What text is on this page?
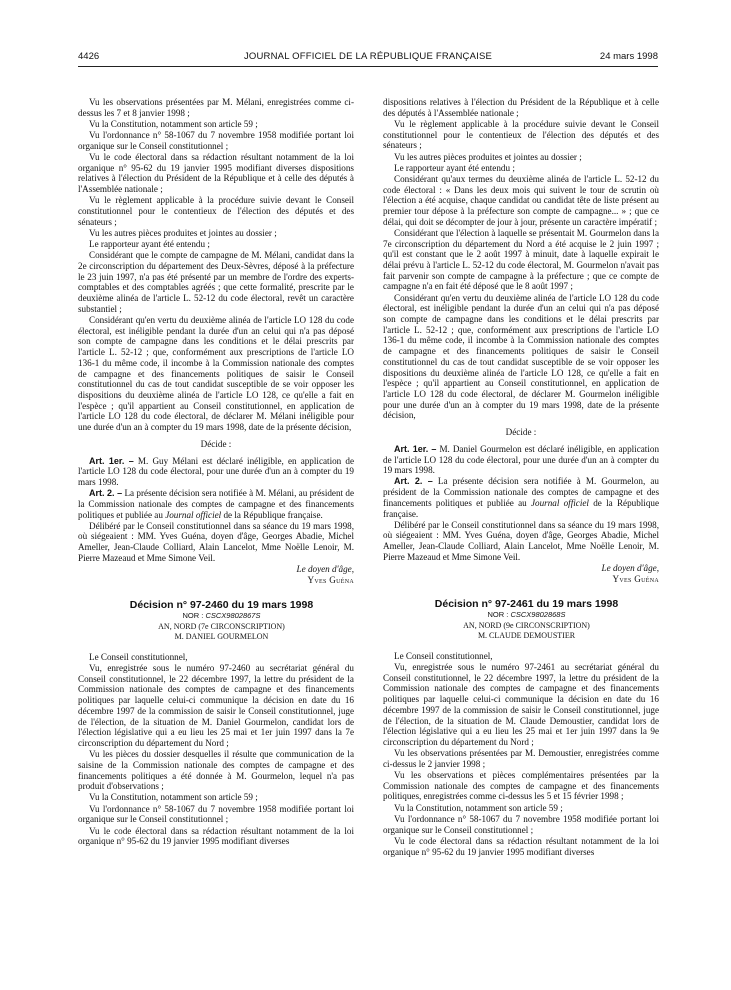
4426	JOURNAL OFFICIEL DE LA RÉPUBLIQUE FRANÇAISE	24 mars 1998

Vu les observations présentées par M. Mélani, enregistrées comme ci-dessus les 7 et 8 janvier 1998 ;

Vu la Constitution, notamment son article 59 ;

Vu l'ordonnance n° 58-1067 du 7 novembre 1958 modifiée portant loi organique sur le Conseil constitutionnel ;

Vu le code électoral dans sa rédaction résultant notamment de la loi organique n° 95-62 du 19 janvier 1995 modifiant diverses dispositions relatives à l'élection du Président de la République et à celle des députés à l'Assemblée nationale ;

Vu le règlement applicable à la procédure suivie devant le Conseil constitutionnel pour le contentieux de l'élection des députés et des sénateurs ;

Vu les autres pièces produites et jointes au dossier ;

Le rapporteur ayant été entendu ;

Considérant que le compte de campagne de M. Mélani, candidat dans la 2e circonscription du département des Deux-Sèvres, déposé à la préfecture le 23 juin 1997, n'a pas été présenté par un membre de l'ordre des experts-comptables et des comptables agréés ; que cette formalité, prescrite par le deuxième alinéa de l'article L. 52-12 du code électoral, revêt un caractère substantiel ;

Considérant qu'en vertu du deuxième alinéa de l'article LO 128 du code électoral, est inéligible pendant la durée d'un an celui qui n'a pas déposé son compte de campagne dans les conditions et le délai prescrits par l'article L. 52-12 ; que, conformément aux prescriptions de l'article LO 136-1 du même code, il incombe à la Commission nationale des comptes de campagne et des financements politiques de saisir le Conseil constitutionnel du cas de tout candidat susceptible de se voir opposer les dispositions du deuxième alinéa de l'article LO 128, ce qu'elle a fait en l'espèce ; qu'il appartient au Conseil constitutionnel, en application de l'article LO 128 du code électoral, de déclarer M. Mélani inéligible pour une durée d'un an à compter du 19 mars 1998, date de la présente décision,

Décide :

Art. 1er. – M. Guy Mélani est déclaré inéligible, en application de l'article LO 128 du code électoral, pour une durée d'un an à compter du 19 mars 1998.

Art. 2. – La présente décision sera notifiée à M. Mélani, au président de la Commission nationale des comptes de campagne et des financements politiques et publiée au Journal officiel de la République française.

Délibéré par le Conseil constitutionnel dans sa séance du 19 mars 1998, où siégeaient : MM. Yves Guéna, doyen d'âge, Georges Abadie, Michel Ameller, Jean-Claude Colliard, Alain Lancelot, Mme Noëlle Lenoir, M. Pierre Mazeaud et Mme Simone Veil.

Le doyen d'âge,

Yves Guéna

Décision n° 97-2460 du 19 mars 1998

NOR : CSCX9802867S

AN, NORD (7e CIRCONSCRIPTION)

M. DANIEL GOURMELON

Le Conseil constitutionnel,

Vu, enregistrée sous le numéro 97-2460 au secrétariat général du Conseil constitutionnel, le 22 décembre 1997, la lettre du président de la Commission nationale des comptes de campagne et des financements politiques par laquelle celui-ci communique la décision en date du 16 décembre 1997 de la commission de saisir le Conseil constitutionnel, juge de l'élection, de la situation de M. Daniel Gourmelon, candidat lors de l'élection législative qui a eu lieu les 25 mai et 1er juin 1997 dans la 7e circonscription du département du Nord ;

Vu les pièces du dossier desquelles il résulte que communication de la saisine de la Commission nationale des comptes de campagne et des financements politiques a été donnée à M. Gourmelon, lequel n'a pas produit d'observations ;

Vu la Constitution, notamment son article 59 ;

Vu l'ordonnance n° 58-1067 du 7 novembre 1958 modifiée portant loi organique sur le Conseil constitutionnel ;

Vu le code électoral dans sa rédaction résultant notamment de la loi organique n° 95-62 du 19 janvier 1995 modifiant diverses

dispositions relatives à l'élection du Président de la République et à celle des députés à l'Assemblée nationale ;

Vu le règlement applicable à la procédure suivie devant le Conseil constitutionnel pour le contentieux de l'élection des députés et des sénateurs ;

Vu les autres pièces produites et jointes au dossier ;

Le rapporteur ayant été entendu ;

Considérant qu'aux termes du deuxième alinéa de l'article L. 52-12 du code électoral : « Dans les deux mois qui suivent le tour de scrutin où l'élection a été acquise, chaque candidat ou candidat tête de liste présent au premier tour dépose à la préfecture son compte de campagne... » ; que ce délai, qui doit se décompter de jour à jour, présente un caractère impératif ;

Considérant que l'élection à laquelle se présentait M. Gourmelon dans la 7e circonscription du département du Nord a été acquise le 2 juin 1997 ; qu'il est constant que le 2 août 1997 à minuit, date à laquelle expirait le délai prévu à l'article L. 52-12 du code électoral, M. Gourmelon n'avait pas fait parvenir son compte de campagne à la préfecture ; que ce compte de campagne n'a en fait été déposé que le 8 août 1997 ;

Considérant qu'en vertu du deuxième alinéa de l'article LO 128 du code électoral, est inéligible pendant la durée d'un an celui qui n'a pas déposé son compte de campagne dans les conditions et le délai prescrits par l'article L. 52-12 ; que, conformément aux prescriptions de l'article LO 136-1 du même code, il incombe à la Commission nationale des comptes de campagne et des financements politiques de saisir le Conseil constitutionnel du cas de tout candidat susceptible de se voir opposer les dispositions du deuxième alinéa de l'article LO 128, ce qu'elle a fait en l'espèce ; qu'il appartient au Conseil constitutionnel, en application de l'article LO 128 du code électoral, de déclarer M. Gourmelon inéligible pour une durée d'un an à compter du 19 mars 1998, date de la présente décision,

Décide :

Art. 1er. – M. Daniel Gourmelon est déclaré inéligible, en application de l'article LO 128 du code électoral, pour une durée d'un an à compter du 19 mars 1998.

Art. 2. – La présente décision sera notifiée à M. Gourmelon, au président de la Commission nationale des comptes de campagne et des financements politiques et publiée au Journal officiel de la République française.

Délibéré par le Conseil constitutionnel dans sa séance du 19 mars 1998, où siégeaient : MM. Yves Guéna, doyen d'âge, Georges Abadie, Michel Ameller, Jean-Claude Colliard, Alain Lancelot, Mme Noëlle Lenoir, M. Pierre Mazeaud et Mme Simone Veil.

Le doyen d'âge,

Yves Guéna

Décision n° 97-2461 du 19 mars 1998

NOR : CSCX9802868S

AN, NORD (9e CIRCONSCRIPTION)

M. CLAUDE DEMOUSTIER

Le Conseil constitutionnel,

Vu, enregistrée sous le numéro 97-2461 au secrétariat général du Conseil constitutionnel, le 22 décembre 1997, la lettre du président de la Commission nationale des comptes de campagne et des financements politiques par laquelle celui-ci communique la décision en date du 16 décembre 1997 de la commission de saisir le Conseil constitutionnel, juge de l'élection, de la situation de M. Claude Demoustier, candidat lors de l'élection législative qui a eu lieu les 25 mai et 1er juin 1997 dans la 9e circonscription du département du Nord ;

Vu les observations présentées par M. Demoustier, enregistrées comme ci-dessus le 2 janvier 1998 ;

Vu les observations et pièces complémentaires présentées par la Commission nationale des comptes de campagne et des financements politiques, enregistrées comme ci-dessus les 5 et 15 février 1998 ;

Vu la Constitution, notamment son article 59 ;

Vu l'ordonnance n° 58-1067 du 7 novembre 1958 modifiée portant loi organique sur le Conseil constitutionnel ;

Vu le code électoral dans sa rédaction résultant notamment de la loi organique n° 95-62 du 19 janvier 1995 modifiant diverses
